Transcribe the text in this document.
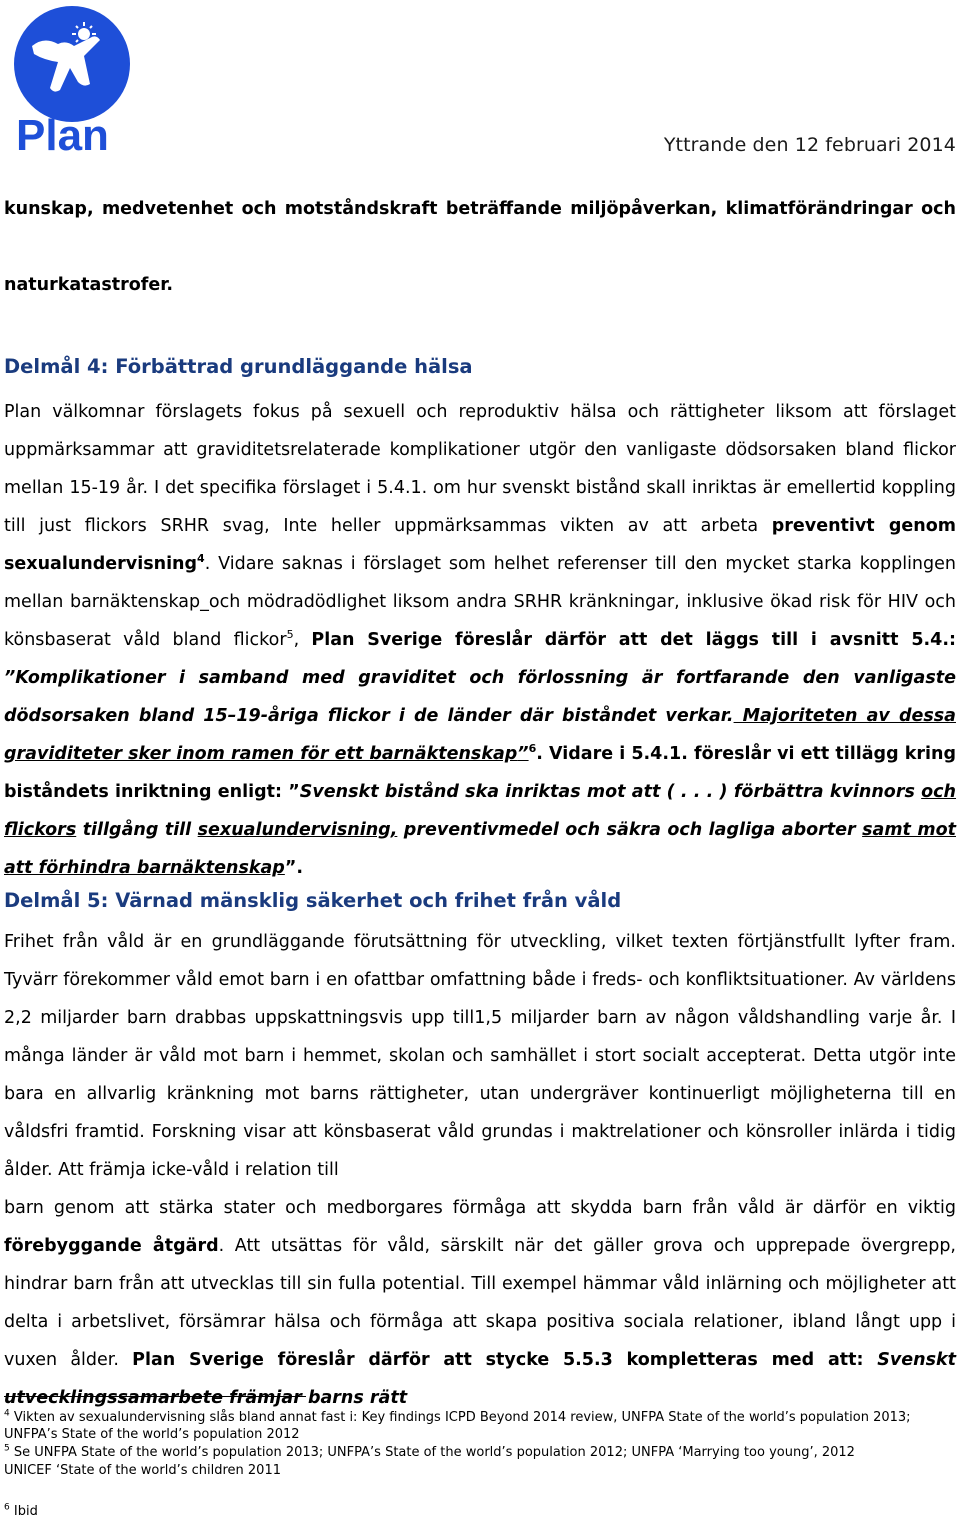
Plan	Yttrande den 12 februari 2014

kunskap, medvetenhet och motståndskraft beträffande miljöpåverkan, klimatförändringar och

naturkatastrofer.

Delmål 4: Förbättrad grundläggande hälsa

Plan välkomnar förslagets fokus på sexuell och reproduktiv hälsa och rättigheter liksom att förslaget uppmärksammar att graviditetsrelaterade komplikationer utgör den vanligaste dödsorsaken bland flickor mellan 15-19 år. I det specifika förslaget i 5.4.1. om hur svenskt bistånd skall inriktas är emellertid koppling till just flickors SRHR svag, Inte heller uppmärksammas vikten av att arbeta preventivt genom sexualundervisning$^4$. Vidare saknas i förslaget som helhet referenser till den mycket starka kopplingen mellan barnäktenskap_och mödradödlighet liksom andra SRHR kränkningar, inklusive ökad risk för HIV och könsbaserat våld bland flickor$^5$, Plan Sverige föreslår därför att det läggs till i avsnitt 5.4.: ”Komplikationer i samband med graviditet och förlossning är fortfarande den vanligaste dödsorsaken bland 15–19-åriga flickor i de länder där biståndet verkar. Majoriteten av dessa graviditeter sker inom ramen för ett barnäktenskap”$^6$. Vidare i 5.4.1. föreslår vi ett tillägg kring biståndets inriktning enligt: ”Svenskt bistånd ska inriktas mot att ( . . . ) förbättra kvinnors och flickors tillgång till sexualundervisning, preventivmedel och säkra och lagliga aborter samt mot att förhindra barnäktenskap”.

Delmål 5: Värnad mänsklig säkerhet och frihet från våld

Frihet från våld är en grundläggande förutsättning för utveckling, vilket texten förtjänstfullt lyfter fram. Tyvärr förekommer våld emot barn i en ofattbar omfattning både i freds- och konfliktsituationer. Av världens 2,2 miljarder barn drabbas uppskattningsvis upp till1,5 miljarder barn av någon våldshandling varje år. I många länder är våld mot barn i hemmet, skolan och samhället i stort socialt accepterat. Detta utgör inte bara en allvarlig kränkning mot barns rättigheter, utan undergräver kontinuerligt möjligheterna till en våldsfri framtid. Forskning visar att könsbaserat våld grundas i maktrelationer och könsroller inlärda i tidig ålder. Att främja icke-våld i relation till

barn genom att stärka stater och medborgares förmåga att skydda barn från våld är därför en viktig förebyggande åtgärd. Att utsättas för våld, särskilt när det gäller grova och upprepade övergrepp, hindrar barn från att utvecklas till sin fulla potential. Till exempel hämmar våld inlärning och möjligheter att delta i arbetslivet, försämrar hälsa och förmåga att skapa positiva sociala relationer, ibland långt upp i vuxen ålder. Plan Sverige föreslår därför att stycke 5.5.3 kompletteras med att: Svenskt utvecklingssamarbete främjar barns rätt

$^4$ Vikten av sexualundervisning slås bland annat fast i: Key findings ICPD Beyond 2014 review, UNFPA State of the world’s population 2013; UNFPA’s State of the world’s population 2012

$^5$ Se UNFPA State of the world’s population 2013; UNFPA’s State of the world’s population 2012; UNFPA ‘Marrying too young’, 2012

UNICEF ‘State of the world’s children 2011

$^6$ Ibid
